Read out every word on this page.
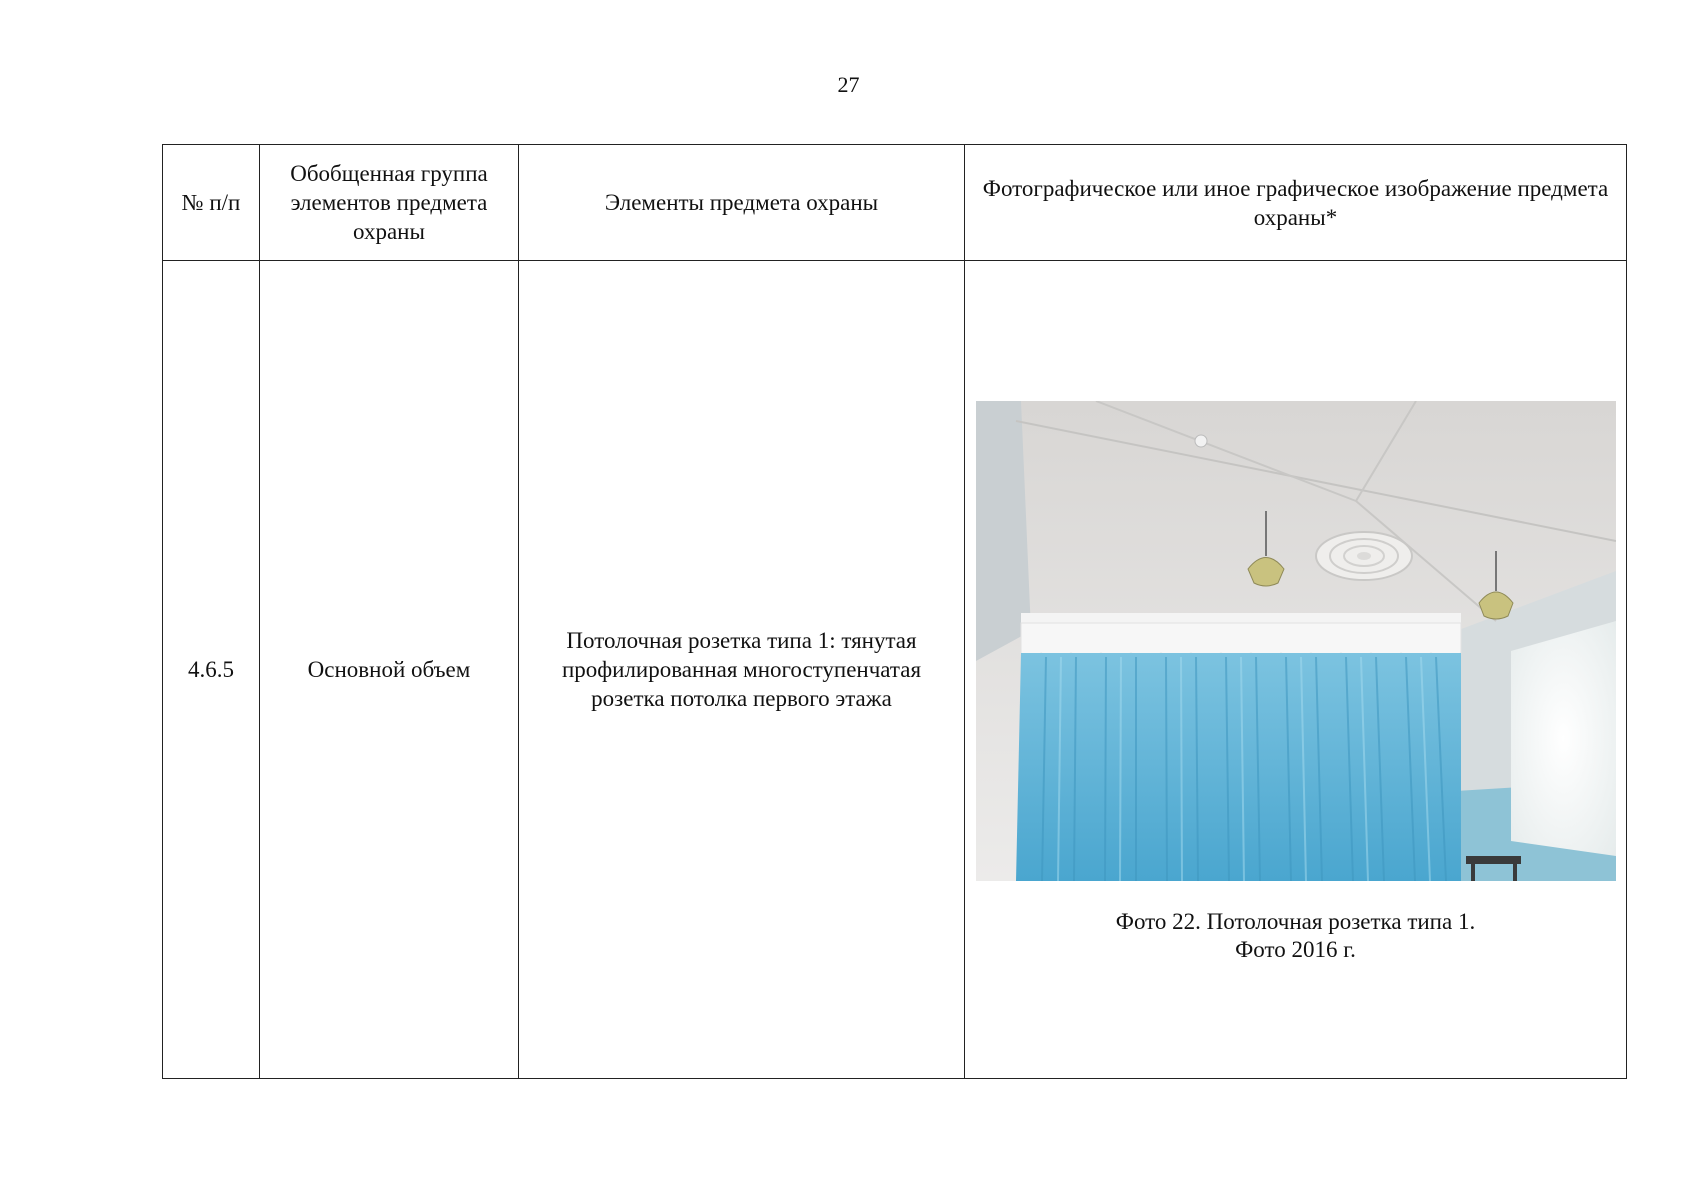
27
№ п/п	Обобщенная группа элементов предмета охраны	Элементы предмета охраны	Фотографическое или иное графическое изображение предмета охраны*
4.6.5	Основной объем	Потолочная розетка типа 1: тянутая профилированная многоступенчатая розетка потолка первого этажа	Фото 22. Потолочная розетка типа 1.
Фото 2016 г.
